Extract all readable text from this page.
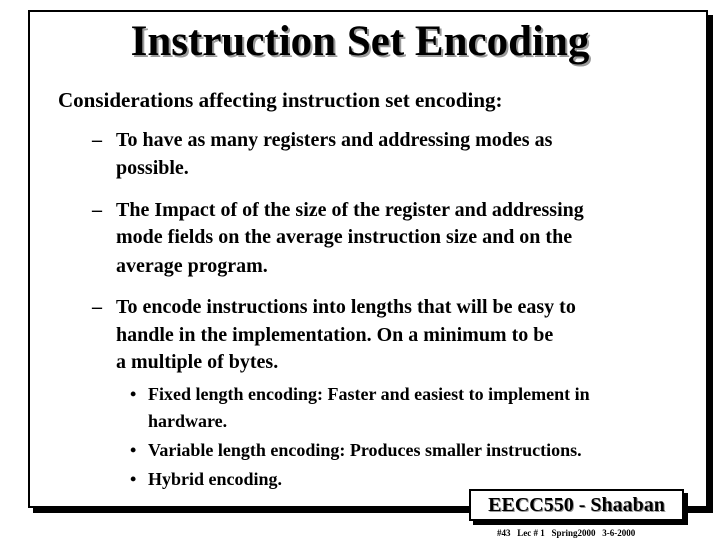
Instruction Set Encoding
Considerations affecting instruction set encoding:
– To have as many registers and addressing modes as
possible.
– The Impact of of the size of the register and addressing
mode fields on the average instruction size and on the
average program.
– To encode instructions into lengths that will be easy to
handle in the implementation. On a minimum to be
a multiple of bytes.
• Fixed length encoding: Faster and easiest to implement in
hardware.
• Variable length encoding: Produces smaller instructions.
• Hybrid encoding.
EECC550 - Shaaban
#43   Lec # 1   Spring2000   3-6-2000
